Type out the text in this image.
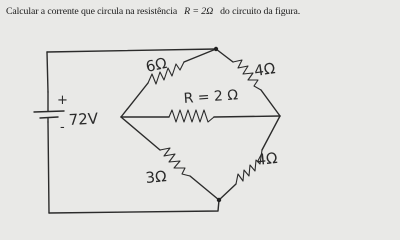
Calcular a corrente que circula na resistência R = 2Ω do circuito da figura.
+
- 72V
6Ω	4Ω
R = 2 Ω
3Ω
4Ω
